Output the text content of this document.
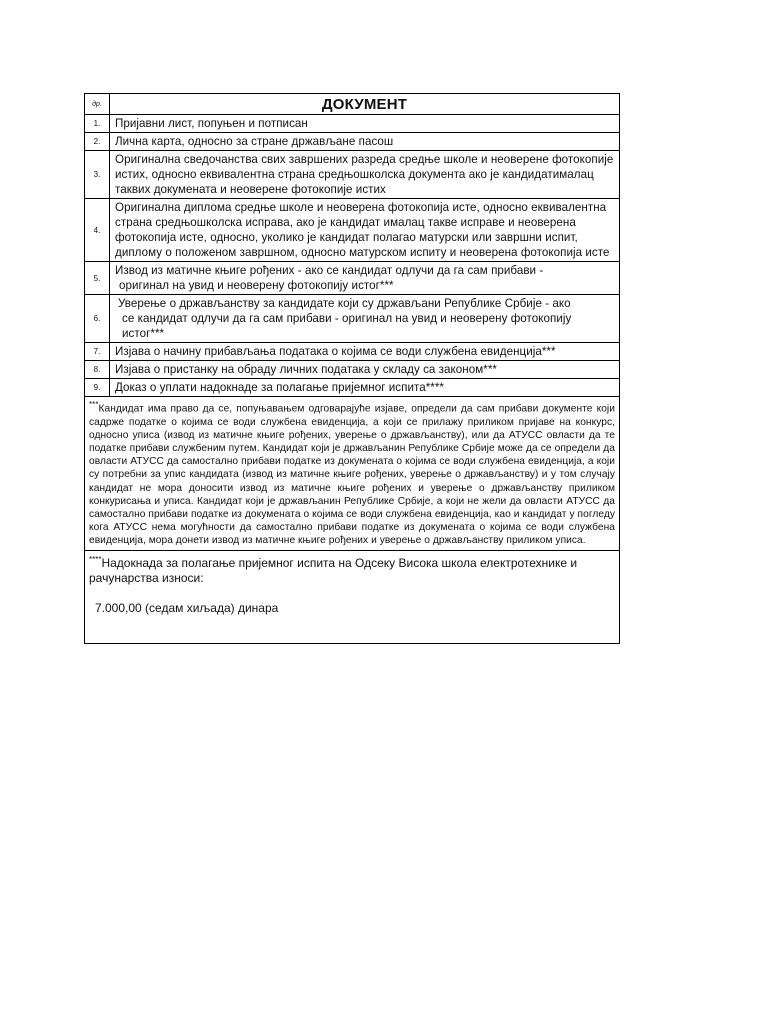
др.	ДОКУМЕНТ
1.	Пријавни лист, попуњен и потписан
2.	Лична карта, односно за стране држављане пасош
3.	Оригинална сведочанства свих завршених разреда средње школе и неоверене фотокопије истих, односно еквивалентна страна средњошколска документа ако је кандидатималац таквих докумената и неоверене фотокопије истих
4.	Оригинална диплома средње школе и неоверена фотокопија исте, односно еквивалентна страна средњошколска исправа, ако је кандидат ималац такве исправе и неоверена фотокопија исте, односно, уколико је кандидат полагао матурски или завршни испит, диплому о положеном завршном, односно матурском испиту и неоверена фотокопија исте
5.	Извод из матичне књиге рођених - ако се кандидат одлучи да га сам прибави -
оригинал на увид и неоверену фотокопију истог***

6.	Уверење о држављанству за кандидате који су држављани Републике Србије - ако
се кандидат одлучи да га сам прибави - оригинал на увид и неоверену фотокопију истог***

7.	Изјава о начину прибављања података о којима се води службена евиденција***
8.	Изјава о пристанку на обраду личних података у складу са законом***
9.	Доказ о уплати надокнаде за полагање пријемног испита****
***Кандидат има право да се, попуњавањем одговарајуће изјаве, определи да сам прибави документе који садрже податке о којима се води службена евиденција, а који се прилажу приликом пријаве на конкурс, односно уписа (извод из матичне књиге рођених, уверење о држављанству), или да АТУСС овласти да те податке прибави службеним путем. Кандидат који је држављанин Републике Србије може да се определи да овласти АТУСС да самостално прибави податке из докумената о којима се води службена евиденција, а који су потребни за упис кандидата (извод из матичне књиге рођених, уверење о држављанству) и у том случају кандидат не мора доносити извод из матичне књиге рођених и уверење о држављанству приликом конкурисања и уписа. Кандидат који је држављанин Републике Србије, а који не жели да овласти АТУСС да самостално прибави податке из докумената о којима се води службена евиденција, као и кандидат у погледу кога АТУСС нема могућности да самостално прибави податке из докумената о којима се води службена евиденција, мора донети извод из матичне књиге рођених и уверење о држављанству приликом уписа.	

****Надокнада за полагање пријемног испита на Одсеку Висока школа електротехнике и рачунарства износи:
7.000,00 (седам хиљада) динара	
